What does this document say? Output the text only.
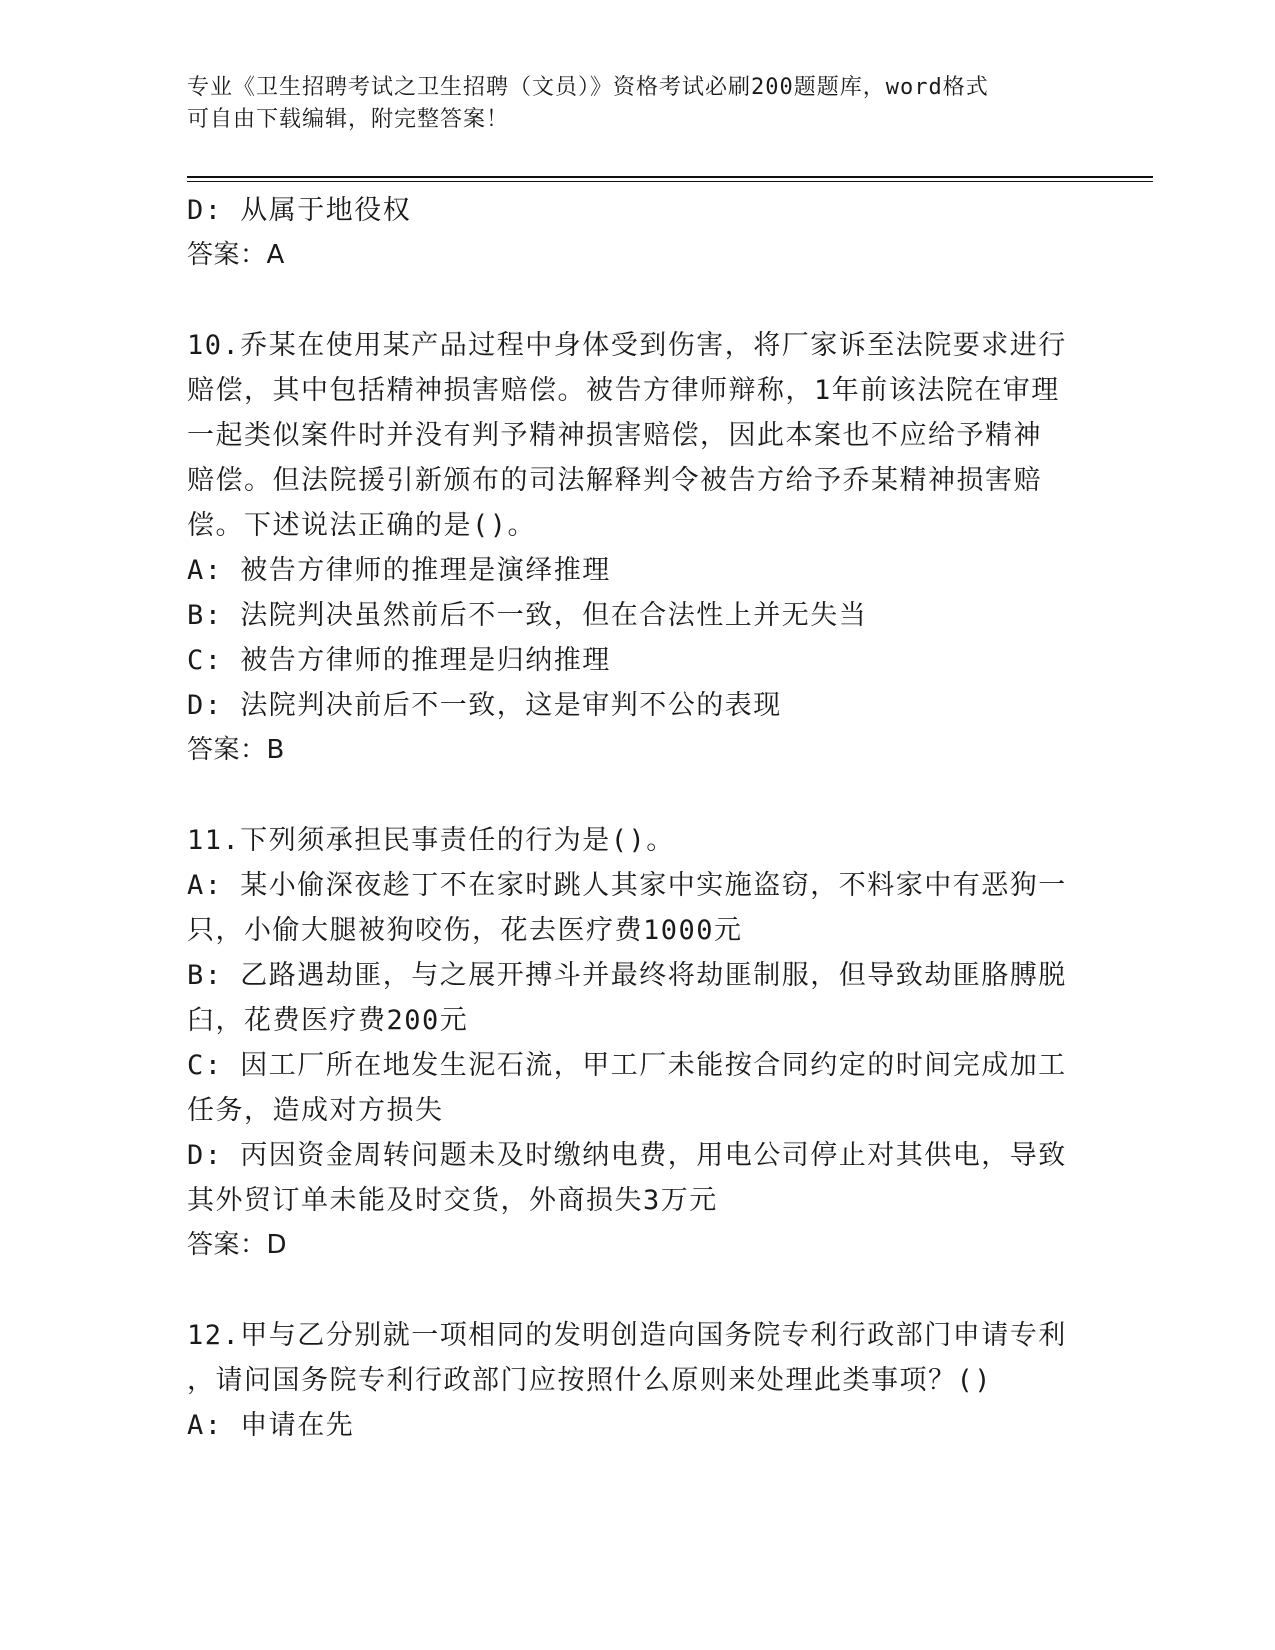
专业《卫生招聘考试之卫生招聘（文员）》资格考试必刷200题题库，word格式
可自由下载编辑，附完整答案！
D: 从属于地役权
答案：A
10.乔某在使用某产品过程中身体受到伤害，将厂家诉至法院要求进行
赔偿，其中包括精神损害赔偿。被告方律师辩称，1年前该法院在审理
一起类似案件时并没有判予精神损害赔偿，因此本案也不应给予精神
赔偿。但法院援引新颁布的司法解释判令被告方给予乔某精神损害赔
偿。下述说法正确的是()。
A: 被告方律师的推理是演绎推理
B: 法院判决虽然前后不一致，但在合法性上并无失当
C: 被告方律师的推理是归纳推理
D: 法院判决前后不一致，这是审判不公的表现
答案：B
11.下列须承担民事责任的行为是()。
A: 某小偷深夜趁丁不在家时跳人其家中实施盗窃，不料家中有恶狗一
只，小偷大腿被狗咬伤，花去医疗费1000元
B: 乙路遇劫匪，与之展开搏斗并最终将劫匪制服，但导致劫匪胳膊脱
臼，花费医疗费200元
C: 因工厂所在地发生泥石流，甲工厂未能按合同约定的时间完成加工
任务，造成对方损失
D: 丙因资金周转问题未及时缴纳电费，用电公司停止对其供电，导致
其外贸订单未能及时交货，外商损失3万元
答案：D
12.甲与乙分别就一项相同的发明创造向国务院专利行政部门申请专利
，请问国务院专利行政部门应按照什么原则来处理此类事项？()
A: 申请在先
